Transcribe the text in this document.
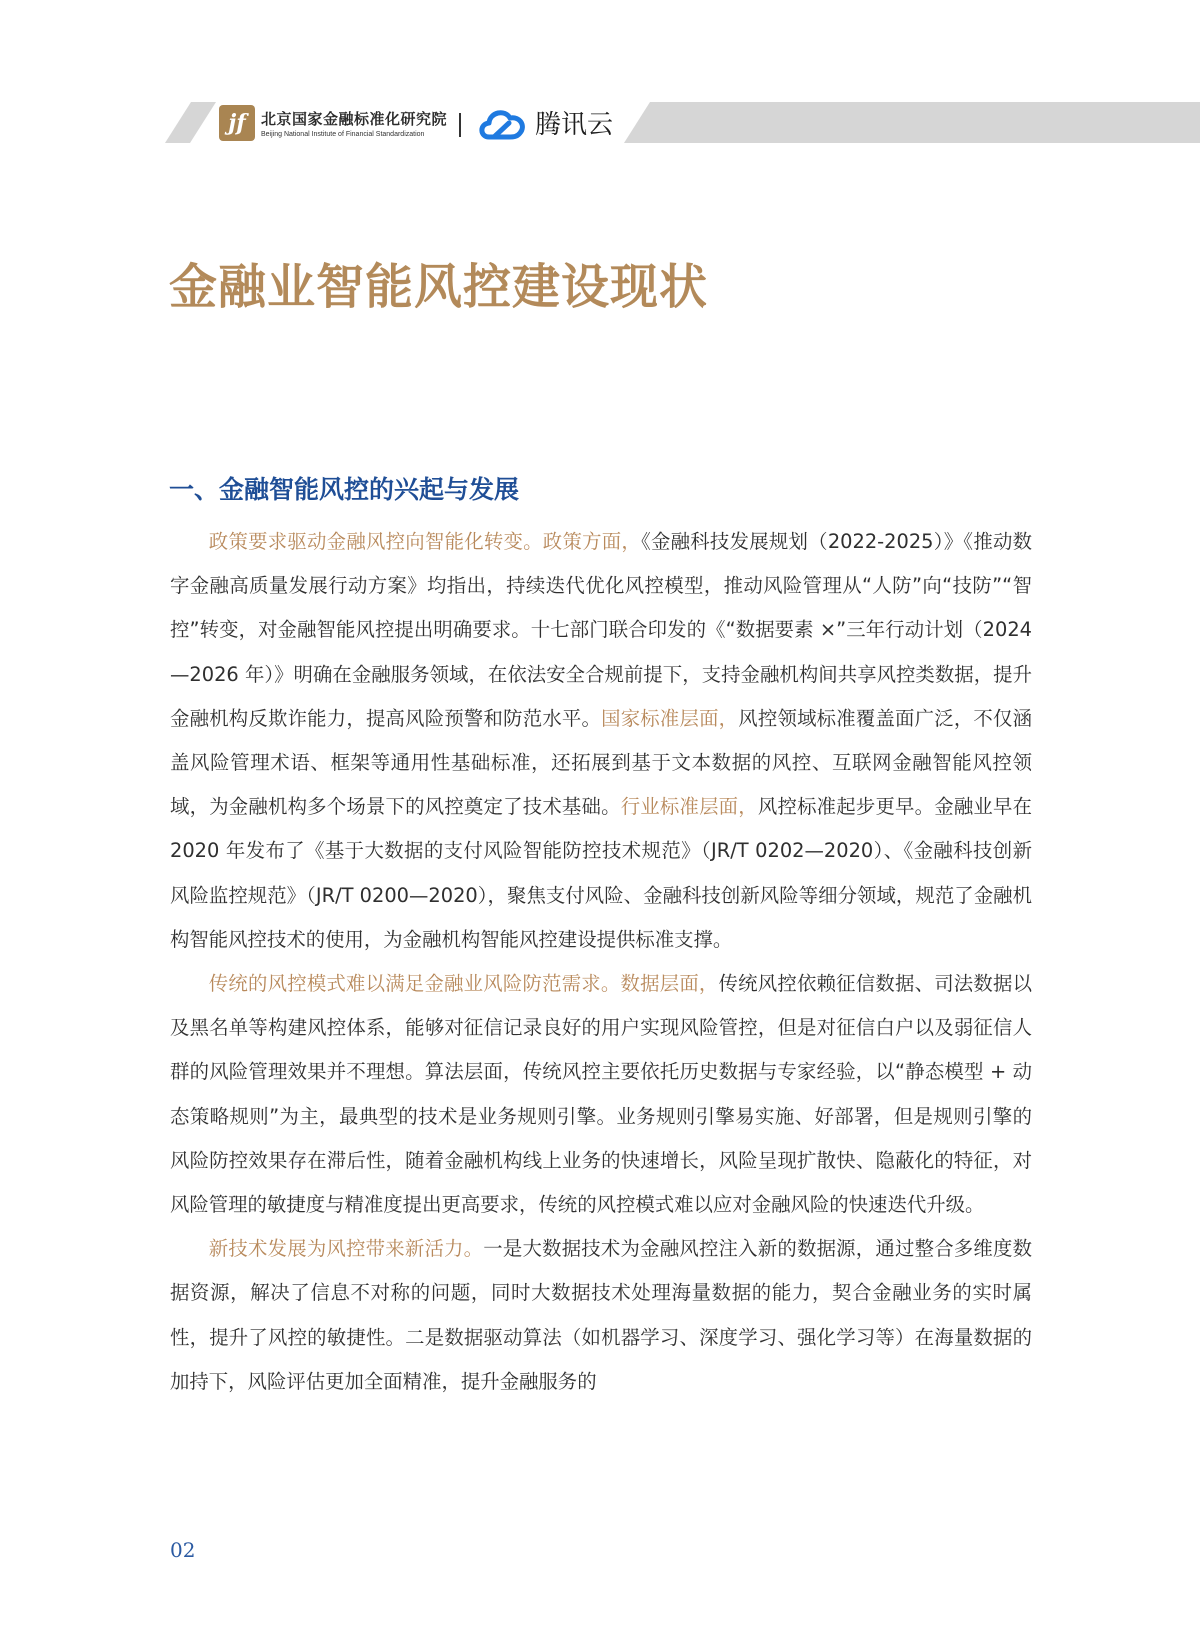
jf	北京国家金融标准化研究院
Beijing National Institute of Financial Standardization	腾讯云
金融业智能风控建设现状
一、金融智能风控的兴起与发展

政策要求驱动金融风控向智能化转变。政策方面，《金融科技发展规划（2022-2025）》《推动数字金融高质量发展行动方案》均指出，持续迭代优化风控模型，推动风险管理从“人防”向“技防”“智控”转变，对金融智能风控提出明确要求。十七部门联合印发的《“数据要素 ×”三年行动计划（2024—2026 年）》明确在金融服务领域，在依法安全合规前提下，支持金融机构间共享风控类数据，提升金融机构反欺诈能力，提高风险预警和防范水平。国家标准层面，风控领域标准覆盖面广泛，不仅涵盖风险管理术语、框架等通用性基础标准，还拓展到基于文本数据的风控、互联网金融智能风控领域，为金融机构多个场景下的风控奠定了技术基础。行业标准层面，风控标准起步更早。金融业早在 2020 年发布了《基于大数据的支付风险智能防控技术规范》（JR/T 0202—2020）、《金融科技创新风险监控规范》（JR/T 0200—2020），聚焦支付风险、金融科技创新风险等细分领域，规范了金融机构智能风控技术的使用，为金融机构智能风控建设提供标准支撑。

传统的风控模式难以满足金融业风险防范需求。数据层面，传统风控依赖征信数据、司法数据以及黑名单等构建风控体系，能够对征信记录良好的用户实现风险管控，但是对征信白户以及弱征信人群的风险管理效果并不理想。算法层面，传统风控主要依托历史数据与专家经验，以“静态模型 + 动态策略规则”为主，最典型的技术是业务规则引擎。业务规则引擎易实施、好部署，但是规则引擎的风险防控效果存在滞后性，随着金融机构线上业务的快速增长，风险呈现扩散快、隐蔽化的特征，对风险管理的敏捷度与精准度提出更高要求，传统的风控模式难以应对金融风险的快速迭代升级。

新技术发展为风控带来新活力。一是大数据技术为金融风控注入新的数据源，通过整合多维度数据资源，解决了信息不对称的问题，同时大数据技术处理海量数据的能力，契合金融业务的实时属性，提升了风控的敏捷性。二是数据驱动算法（如机器学习、深度学习、强化学习等）在海量数据的加持下，风险评估更加全面精准，提升金融服务的

02
